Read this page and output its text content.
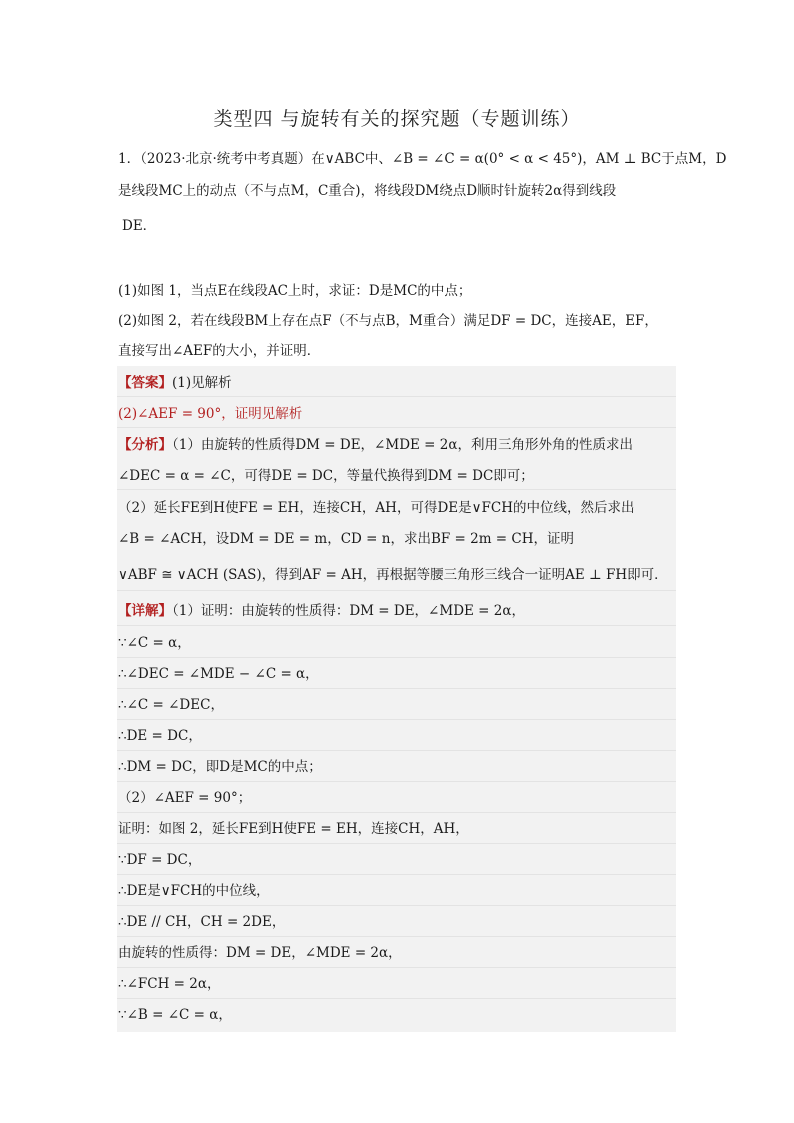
类型四 与旋转有关的探究题（专题训练）
1．（2023·北京·统考中考真题）在∨ABC中、∠B = ∠C = α(0° < α < 45°)，AM ⊥ BC于点M，D
是线段MC上的动点（不与点M，C重合)，将线段DM绕点D顺时针旋转2α得到线段
DE．
(1)如图 1，当点E在线段AC上时，求证：D是MC的中点；
(2)如图 2，若在线段BM上存在点F（不与点B，M重合）满足DF = DC，连接AE，EF，
直接写出∠AEF的大小，并证明．
【答案】(1)见解析
(2)∠AEF = 90°，证明见解析
【分析】（1）由旋转的性质得DM = DE，∠MDE = 2α，利用三角形外角的性质求出
∠DEC = α = ∠C，可得DE = DC，等量代换得到DM = DC即可；
（2）延长FE到H使FE = EH，连接CH，AH，可得DE是∨FCH的中位线，然后求出
∠B = ∠ACH，设DM = DE = m，CD = n，求出BF = 2m = CH，证明
∨ABF ≅ ∨ACH (SAS)，得到AF = AH，再根据等腰三角形三线合一证明AE ⊥ FH即可．
【详解】（1）证明：由旋转的性质得：DM = DE，∠MDE = 2α，
∵∠C = α，
∴∠DEC = ∠MDE − ∠C = α，
∴∠C = ∠DEC，
∴DE = DC，
∴DM = DC，即D是MC的中点；
（2）∠AEF = 90°；
证明：如图 2，延长FE到H使FE = EH，连接CH，AH，
∵DF = DC，
∴DE是∨FCH的中位线，
∴DE // CH，CH = 2DE，
由旋转的性质得：DM = DE，∠MDE = 2α，
∴∠FCH = 2α，
∵∠B = ∠C = α，
